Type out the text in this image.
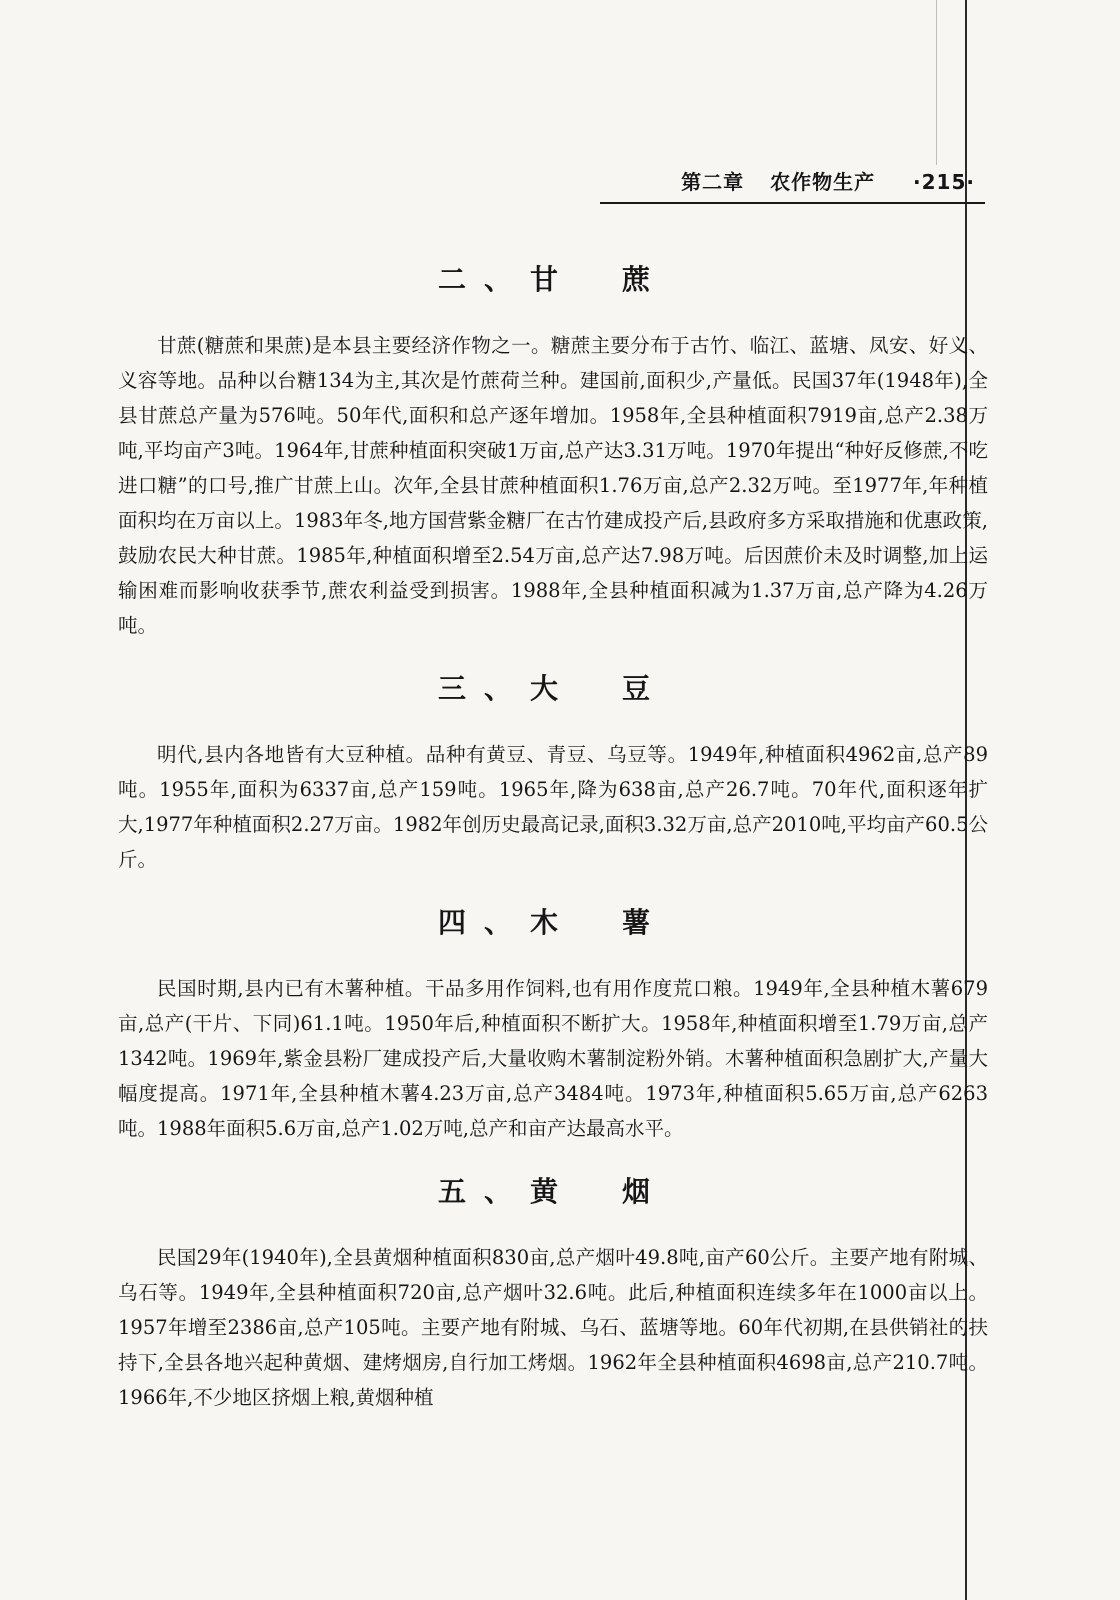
第二章 农作物生产 ·215·
二、甘　蔗

甘蔗(糖蔗和果蔗)是本县主要经济作物之一。糖蔗主要分布于古竹、临江、蓝塘、凤安、好义、义容等地。品种以台糖134为主,其次是竹蔗荷兰种。建国前,面积少,产量低。民国37年(1948年),全县甘蔗总产量为576吨。50年代,面积和总产逐年增加。1958年,全县种植面积7919亩,总产2.38万吨,平均亩产3吨。1964年,甘蔗种植面积突破1万亩,总产达3.31万吨。1970年提出“种好反修蔗,不吃进口糖”的口号,推广甘蔗上山。次年,全县甘蔗种植面积1.76万亩,总产2.32万吨。至1977年,年种植面积均在万亩以上。1983年冬,地方国营紫金糖厂在古竹建成投产后,县政府多方采取措施和优惠政策,鼓励农民大种甘蔗。1985年,种植面积增至2.54万亩,总产达7.98万吨。后因蔗价未及时调整,加上运输困难而影响收获季节,蔗农利益受到损害。1988年,全县种植面积减为1.37万亩,总产降为4.26万吨。

三、大　豆

明代,县内各地皆有大豆种植。品种有黄豆、青豆、乌豆等。1949年,种植面积4962亩,总产89吨。1955年,面积为6337亩,总产159吨。1965年,降为638亩,总产26.7吨。70年代,面积逐年扩大,1977年种植面积2.27万亩。1982年创历史最高记录,面积3.32万亩,总产2010吨,平均亩产60.5公斤。

四、木　薯

民国时期,县内已有木薯种植。干品多用作饲料,也有用作度荒口粮。1949年,全县种植木薯679亩,总产(干片、下同)61.1吨。1950年后,种植面积不断扩大。1958年,种植面积增至1.79万亩,总产1342吨。1969年,紫金县粉厂建成投产后,大量收购木薯制淀粉外销。木薯种植面积急剧扩大,产量大幅度提高。1971年,全县种植木薯4.23万亩,总产3484吨。1973年,种植面积5.65万亩,总产6263吨。1988年面积5.6万亩,总产1.02万吨,总产和亩产达最高水平。

五、黄　烟

民国29年(1940年),全县黄烟种植面积830亩,总产烟叶49.8吨,亩产60公斤。主要产地有附城、乌石等。1949年,全县种植面积720亩,总产烟叶32.6吨。此后,种植面积连续多年在1000亩以上。1957年增至2386亩,总产105吨。主要产地有附城、乌石、蓝塘等地。60年代初期,在县供销社的扶持下,全县各地兴起种黄烟、建烤烟房,自行加工烤烟。1962年全县种植面积4698亩,总产210.7吨。1966年,不少地区挤烟上粮,黄烟种植
